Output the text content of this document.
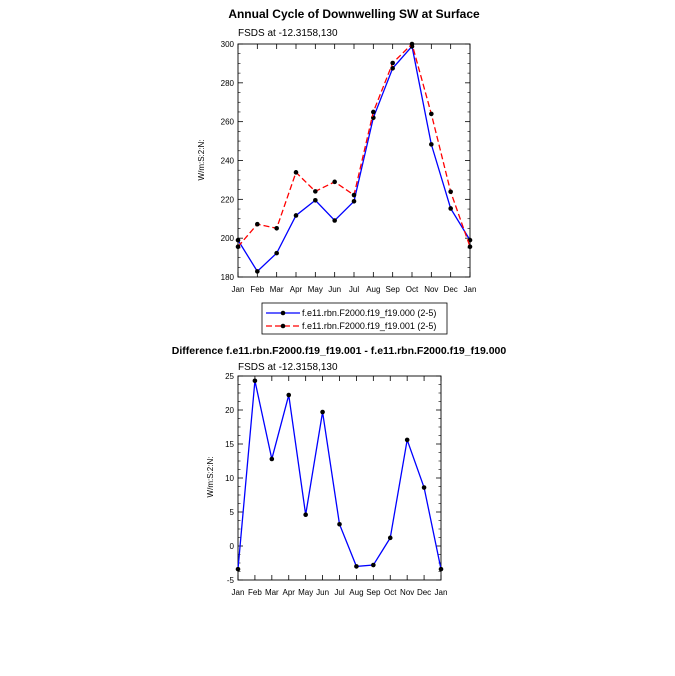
Annual Cycle of Downwelling SW at Surface
FSDS at -12.3158,130
W/m:S:2:N:
Jan Feb Mar Apr May Jun Jul Aug Sep Oct Nov Dec Jan
180
200
220
240
260
280
300
f.e11.rbn.F2000.f19_f19.000 (2-5)
f.e11.rbn.F2000.f19_f19.001 (2-5)
Difference f.e11.rbn.F2000.f19_f19.001 - f.e11.rbn.F2000.f19_f19.000
FSDS at -12.3158,130
W/m:S:2:N:
Jan Feb Mar Apr May Jun Jul Aug Sep Oct Nov Dec Jan
-5
0
5
10
15
20
25
